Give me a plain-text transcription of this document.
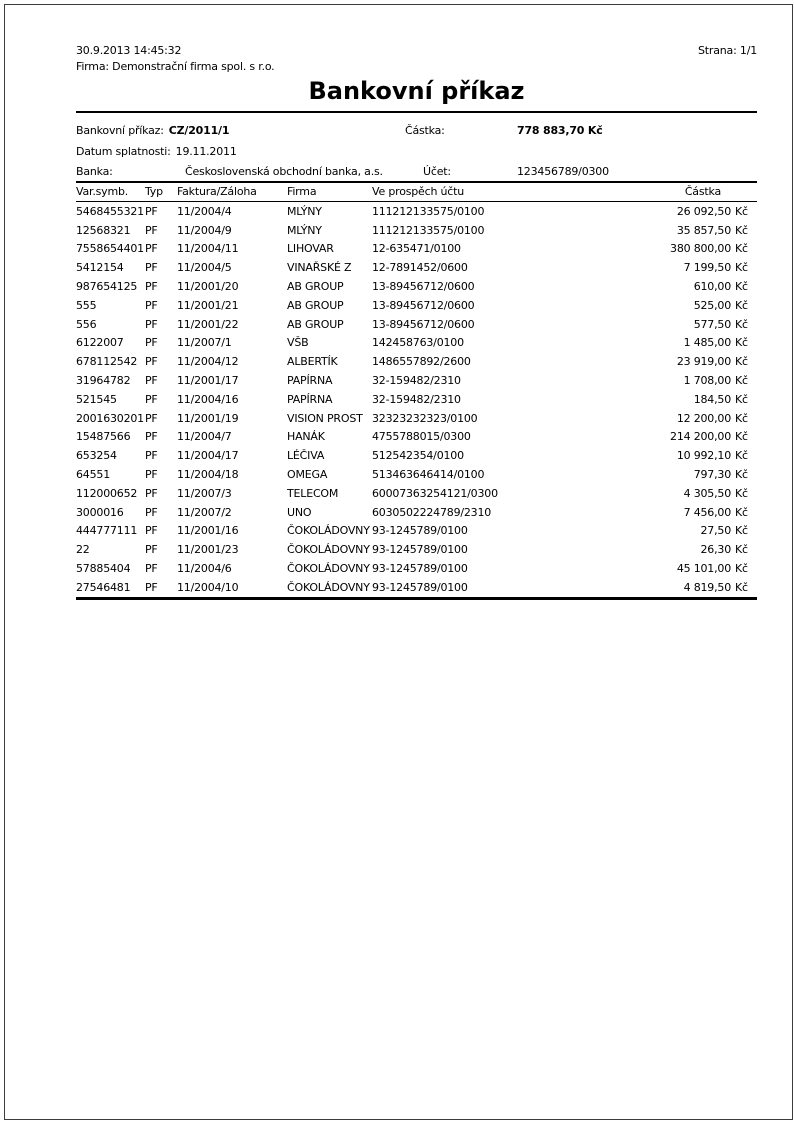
30.9.2013 14:45:32	Strana: 1/1
Firma: Demonstrační firma spol. s r.o.
Bankovní příkaz
Bankovní příkaz: CZ/2011/1	Částka:	778 883,70 Kč
Datum splatnosti: 19.11.2011
Banka:	Československá obchodní banka, a.s.	Účet:	123456789/0300
Var.symb.	Typ	Faktura/Záloha	Firma	Ve prospěch účtu	Částka
5468455321 PF	11/2004/4	MLÝNY	111212133575/0100	26 092,50 Kč
12568321	PF	11/2004/9	MLÝNY	111212133575/0100	35 857,50 Kč
7558654401 PF	11/2004/11	LIHOVAR	12-635471/0100	380 800,00 Kč
5412154	PF	11/2004/5	VINAŘSKÉ Z	12-7891452/0600	7 199,50 Kč
987654125 PF	11/2001/20	AB GROUP	13-89456712/0600	610,00 Kč
555	PF	11/2001/21	AB GROUP	13-89456712/0600	525,00 Kč
556	PF	11/2001/22	AB GROUP	13-89456712/0600	577,50 Kč
6122007	PF	11/2007/1	VŠB	142458763/0100	1 485,00 Kč
678112542 PF	11/2004/12	ALBERTÍK	1486557892/2600	23 919,00 Kč
31964782	PF	11/2001/17	PAPÍRNA	32-159482/2310	1 708,00 Kč
521545	PF	11/2004/16	PAPÍRNA	32-159482/2310	184,50 Kč
2001630201 PF	11/2001/19	VISION PROST 32323232323/0100	12 200,00 Kč
15487566	PF	11/2004/7	HANÁK	4755788015/0300	214 200,00 Kč
653254	PF	11/2004/17	LÉČIVA	512542354/0100	10 992,10 Kč
64551	PF	11/2004/18	OMEGA	513463646414/0100	797,30 Kč
112000652 PF	11/2007/3	TELECOM	60007363254121/0300	4 305,50 Kč
3000016	PF	11/2007/2	UNO	6030502224789/2310	7 456,00 Kč
444777111 PF	11/2001/16	ČOKOLÁDOVNY 93-1245789/0100	27,50 Kč
22	PF	11/2001/23	ČOKOLÁDOVNY 93-1245789/0100	26,30 Kč
57885404	PF	11/2004/6	ČOKOLÁDOVNY 93-1245789/0100	45 101,00 Kč
27546481	PF	11/2004/10	ČOKOLÁDOVNY 93-1245789/0100	4 819,50 Kč
